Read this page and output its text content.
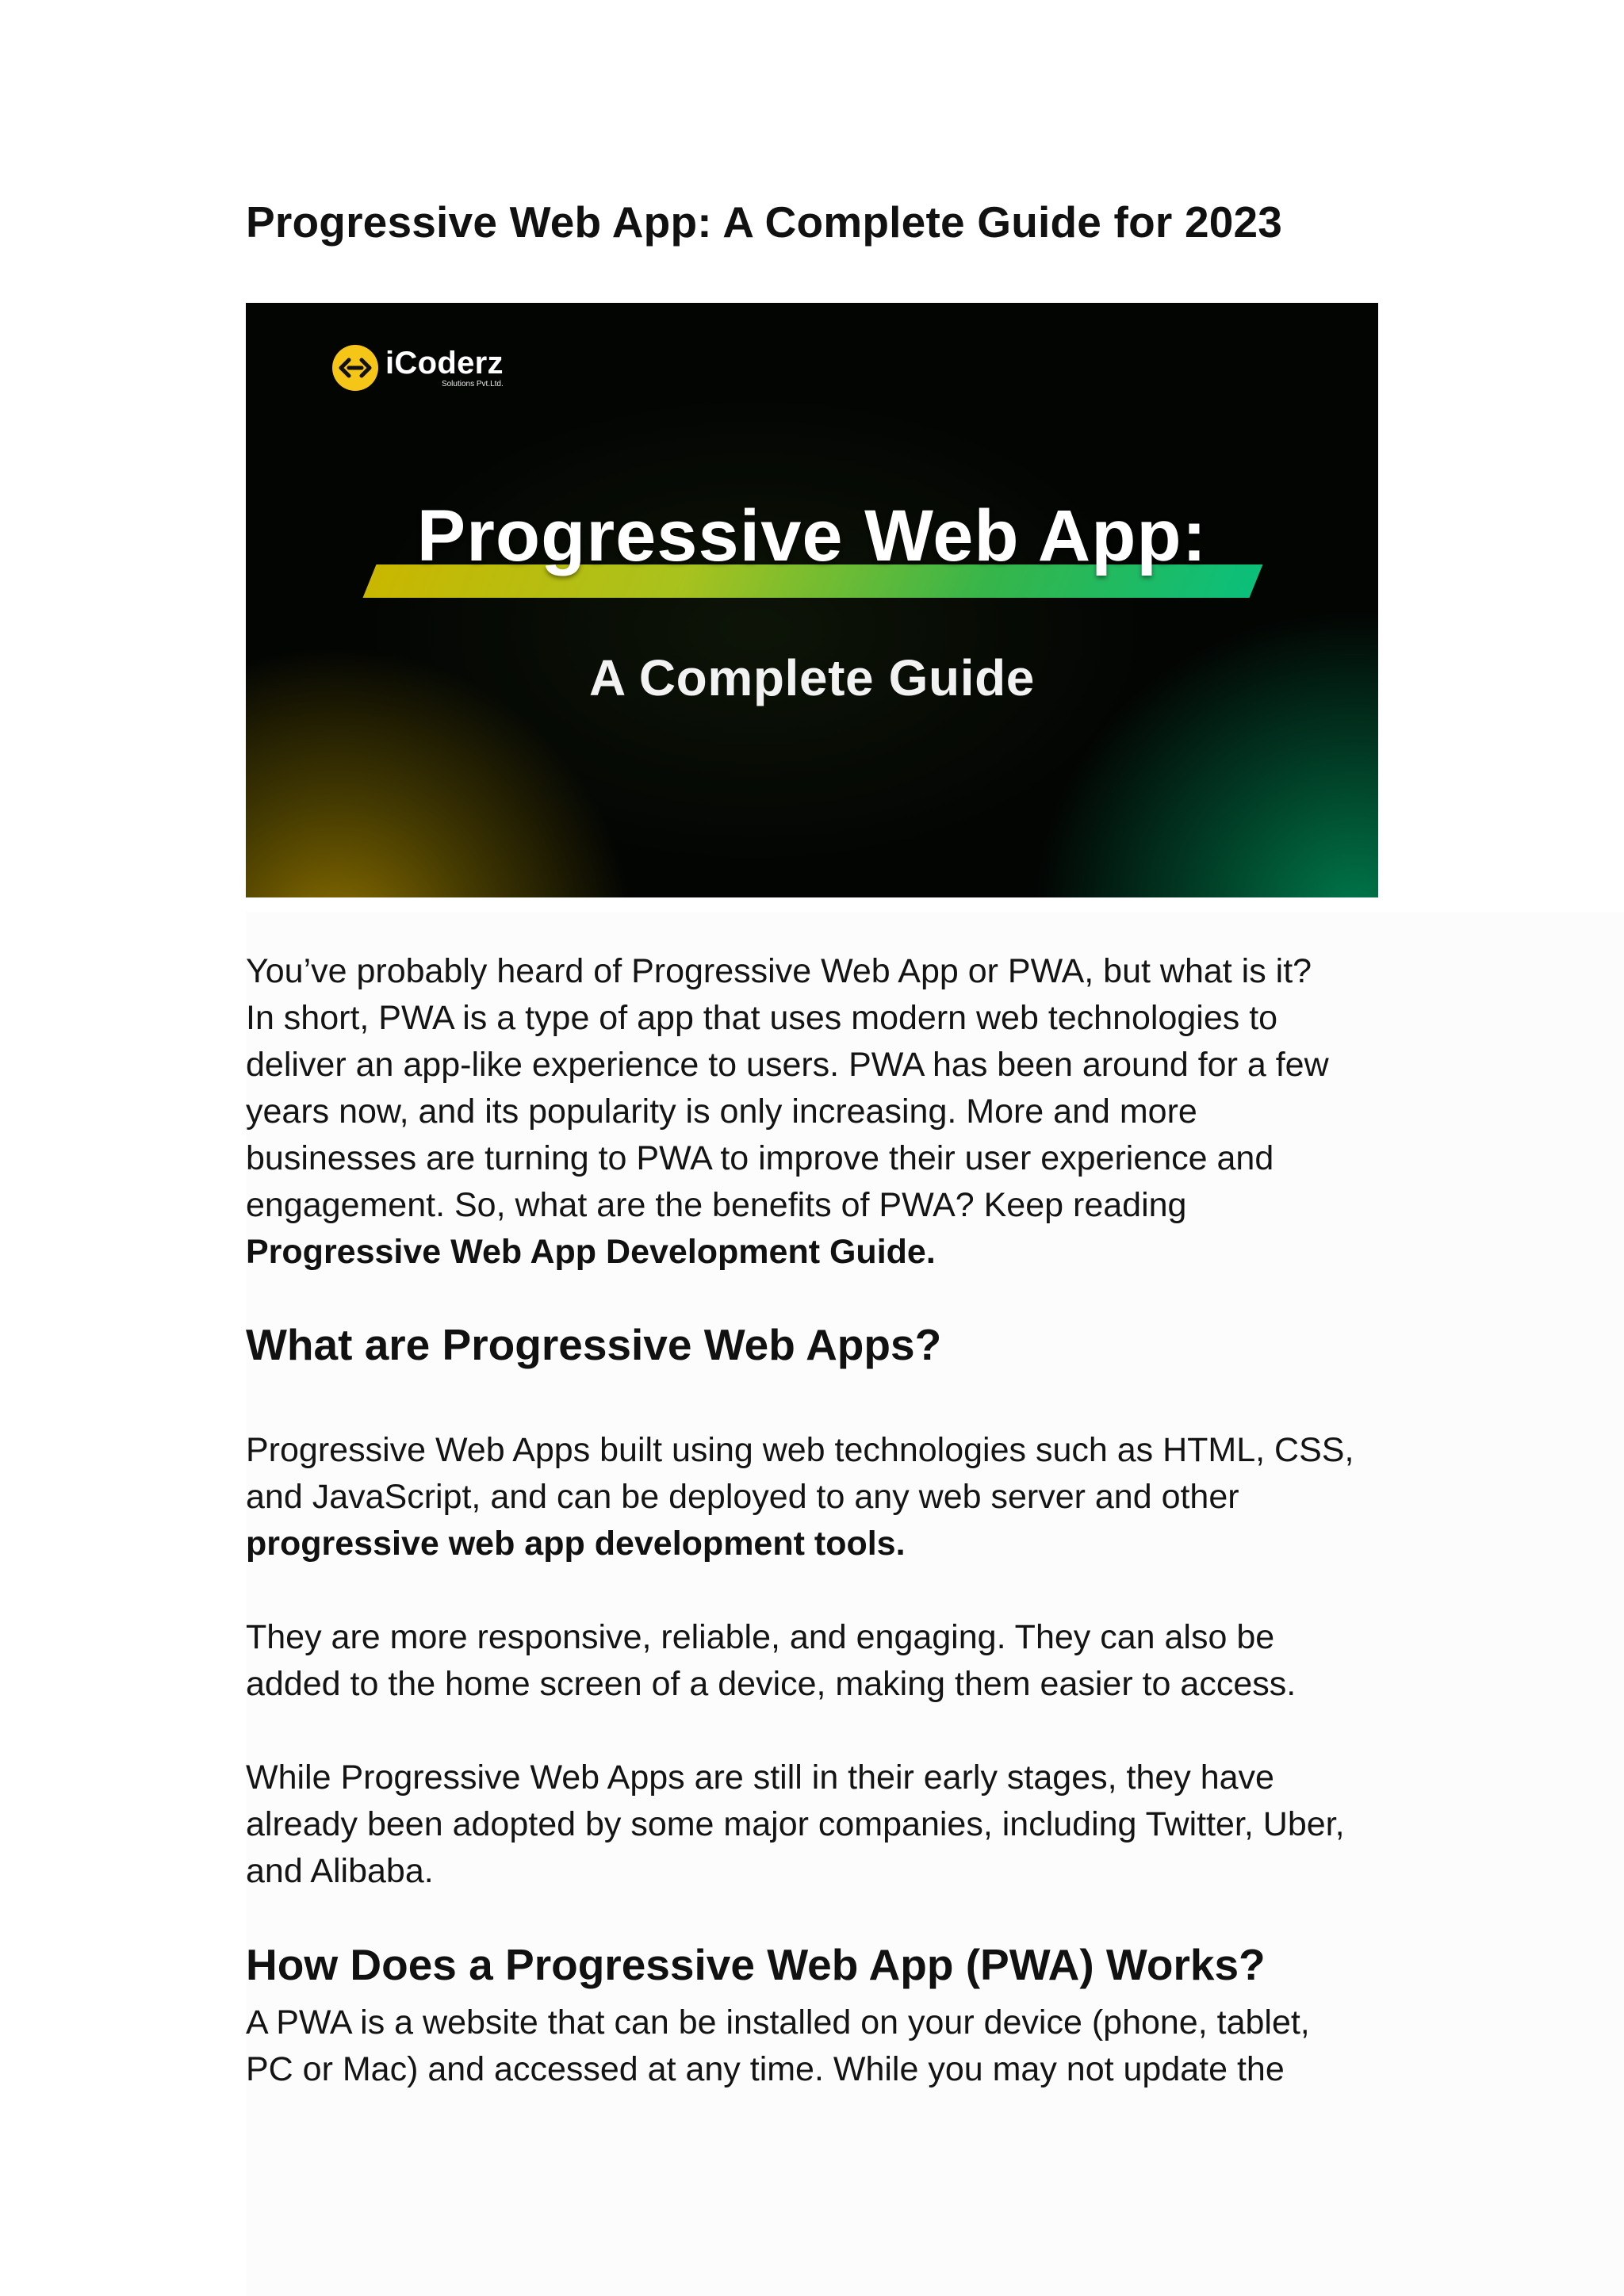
Progressive Web App: A Complete Guide for 2023
iCoderz
Solutions Pvt.Ltd.
Progressive Web App:
A Complete Guide

You’ve probably heard of Progressive Web App or PWA, but what is it?
In short, PWA is a type of app that uses modern web technologies to
deliver an app-like experience to users. PWA has been around for a few
years now, and its popularity is only increasing. More and more
businesses are turning to PWA to improve their user experience and
engagement. So, what are the benefits of PWA? Keep reading
Progressive Web App Development Guide.

What are Progressive Web Apps?

Progressive Web Apps built using web technologies such as HTML, CSS,
and JavaScript, and can be deployed to any web server and other
progressive web app development tools.

They are more responsive, reliable, and engaging. They can also be
added to the home screen of a device, making them easier to access.

While Progressive Web Apps are still in their early stages, they have
already been adopted by some major companies, including Twitter, Uber,
and Alibaba.

How Does a Progressive Web App (PWA) Works?

A PWA is a website that can be installed on your device (phone, tablet,
PC or Mac) and accessed at any time. While you may not update the
